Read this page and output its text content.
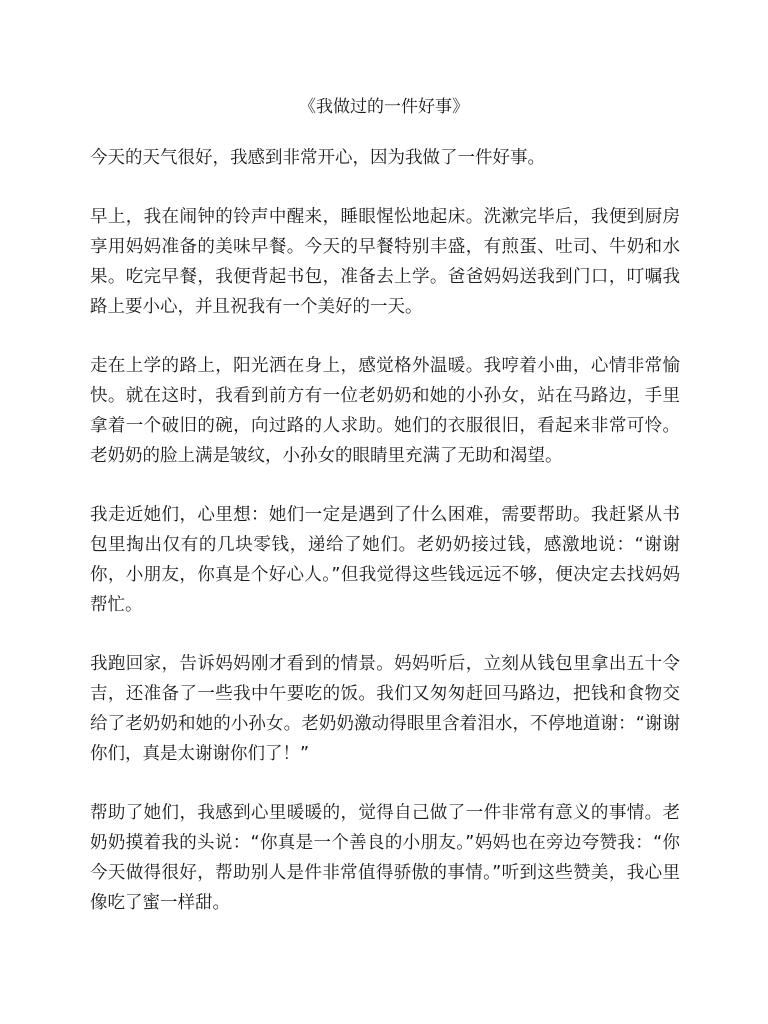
《我做过的一件好事》

今天的天气很好，我感到非常开心，因为我做了一件好事。

早上，我在闹钟的铃声中醒来，睡眼惺忪地起床。洗漱完毕后，我便到厨房享用妈妈准备的美味早餐。今天的早餐特别丰盛，有煎蛋、吐司、牛奶和水果。吃完早餐，我便背起书包，准备去上学。爸爸妈妈送我到门口，叮嘱我路上要小心，并且祝我有一个美好的一天。

走在上学的路上，阳光洒在身上，感觉格外温暖。我哼着小曲，心情非常愉快。就在这时，我看到前方有一位老奶奶和她的小孙女，站在马路边，手里拿着一个破旧的碗，向过路的人求助。她们的衣服很旧，看起来非常可怜。老奶奶的脸上满是皱纹，小孙女的眼睛里充满了无助和渴望。

我走近她们，心里想：她们一定是遇到了什么困难，需要帮助。我赶紧从书包里掏出仅有的几块零钱，递给了她们。老奶奶接过钱，感激地说：“谢谢你，小朋友，你真是个好心人。”但我觉得这些钱远远不够，便决定去找妈妈帮忙。

我跑回家，告诉妈妈刚才看到的情景。妈妈听后，立刻从钱包里拿出五十令吉，还准备了一些我中午要吃的饭。我们又匆匆赶回马路边，把钱和食物交给了老奶奶和她的小孙女。老奶奶激动得眼里含着泪水，不停地道谢：“谢谢你们，真是太谢谢你们了！”

帮助了她们，我感到心里暖暖的，觉得自己做了一件非常有意义的事情。老奶奶摸着我的头说：“你真是一个善良的小朋友。”妈妈也在旁边夸赞我：“你今天做得很好，帮助别人是件非常值得骄傲的事情。”听到这些赞美，我心里像吃了蜜一样甜。
